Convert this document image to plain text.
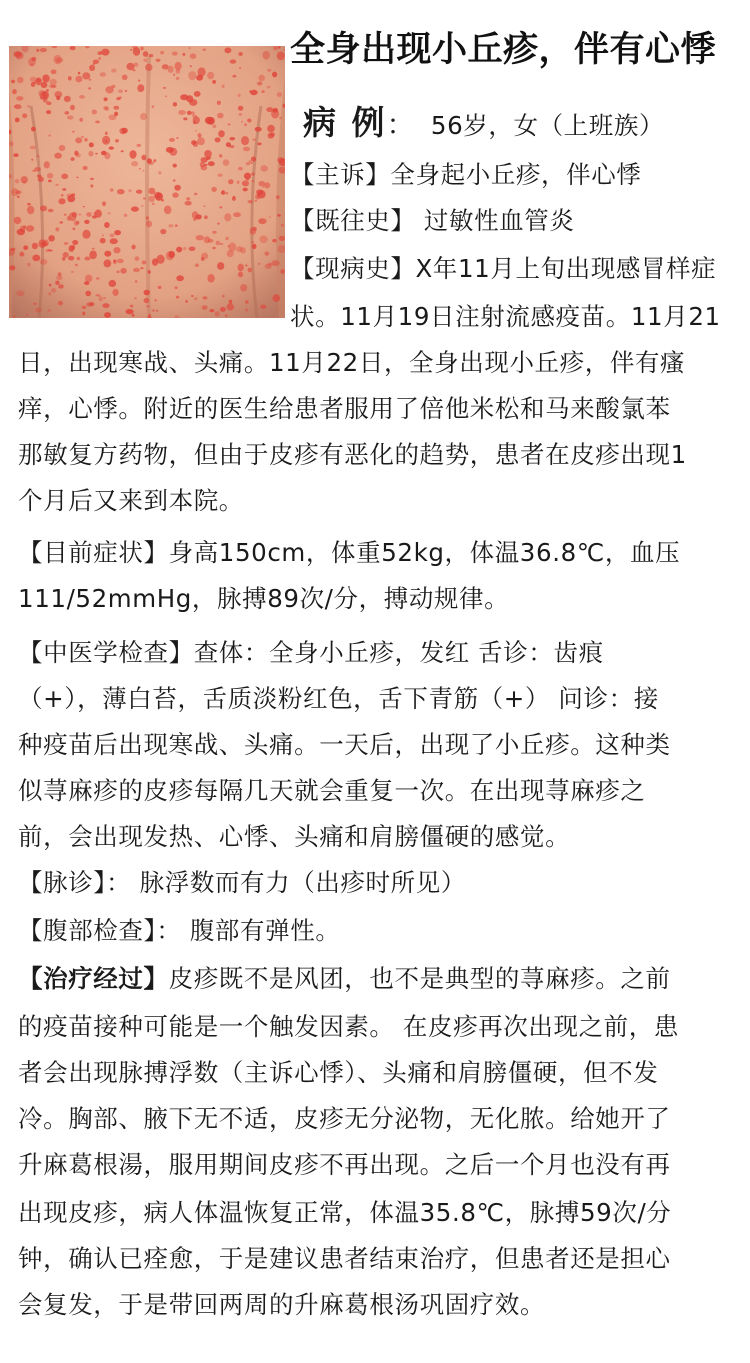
全身出现小丘疹，伴有心悸
病 例： 56岁，女（上班族）
【主诉】全身起小丘疹，伴心悸
【既往史】 过敏性血管炎
【现病史】X年11月上旬出现感冒样症
状。11月19日注射流感疫苗。11月21
日，出现寒战、头痛。11月22日，全身出现小丘疹，伴有瘙
痒，心悸。附近的医生给患者服用了倍他米松和马来酸氯苯
那敏复方药物，但由于皮疹有恶化的趋势，患者在皮疹出现1
个月后又来到本院。
【目前症状】身高150cm，体重52kg，体温36.8℃，血压
111/52mmHg，脉搏89次/分，搏动规律。
【中医学检查】查体：全身小丘疹，发红 舌诊：齿痕
（+），薄白苔，舌质淡粉红色，舌下青筋（+） 问诊：接
种疫苗后出现寒战、头痛。一天后，出现了小丘疹。这种类
似荨麻疹的皮疹每隔几天就会重复一次。在出现荨麻疹之
前，会出现发热、心悸、头痛和肩膀僵硬的感觉。
【脉诊】： 脉浮数而有力（出疹时所见）
【腹部检查】： 腹部有弹性。
【治疗经过】皮疹既不是风团，也不是典型的荨麻疹。之前
的疫苗接种可能是一个触发因素。 在皮疹再次出现之前，患
者会出现脉搏浮数（主诉心悸）、头痛和肩膀僵硬，但不发
冷。胸部、腋下无不适，皮疹无分泌物，无化脓。给她开了
升麻葛根湯，服用期间皮疹不再出现。之后一个月也没有再
出现皮疹，病人体温恢复正常，体温35.8℃，脉搏59次/分
钟，确认已痊愈，于是建议患者结束治疗，但患者还是担心
会复发，于是带回两周的升麻葛根汤巩固疗效。
